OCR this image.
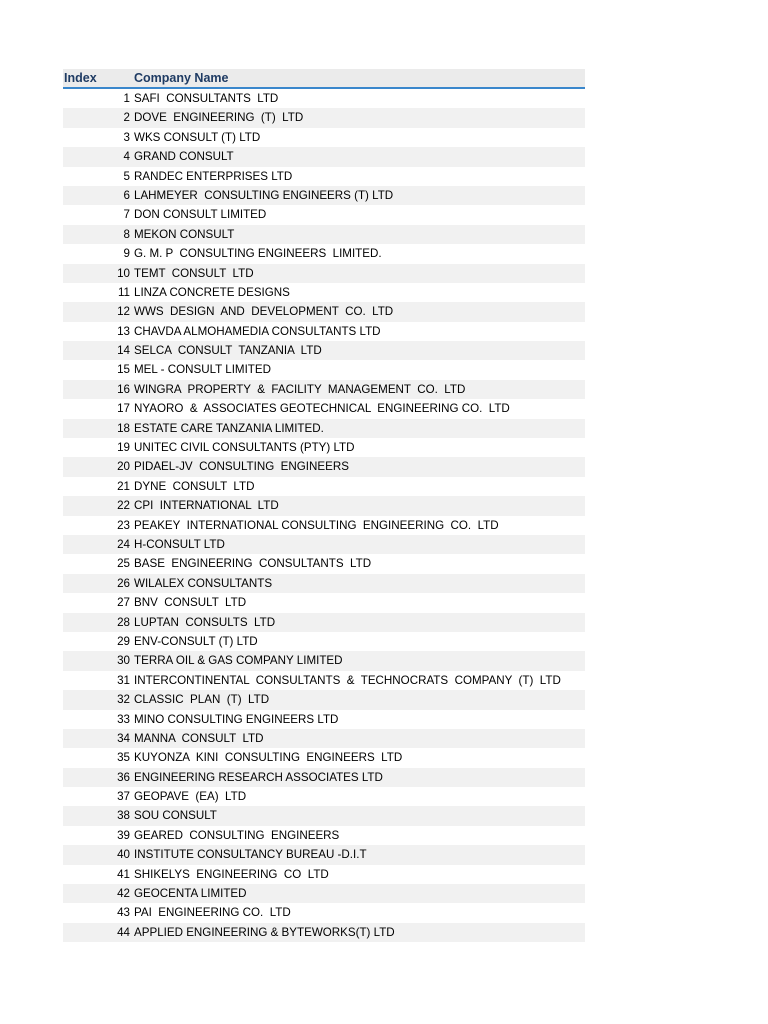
Index	Company Name
1 SAFI  CONSULTANTS  LTD
2 DOVE  ENGINEERING  (T)  LTD
3 WKS CONSULT (T) LTD
4 GRAND CONSULT
5 RANDEC ENTERPRISES LTD
6 LAHMEYER  CONSULTING ENGINEERS (T) LTD
7 DON CONSULT LIMITED
8 MEKON CONSULT
9 G. M. P  CONSULTING ENGINEERS  LIMITED.
10 TEMT  CONSULT  LTD
11 LINZA CONCRETE DESIGNS
12 WWS  DESIGN  AND  DEVELOPMENT  CO.  LTD
13 CHAVDA ALMOHAMEDIA CONSULTANTS LTD
14 SELCA  CONSULT  TANZANIA  LTD
15 MEL - CONSULT LIMITED
16 WINGRA  PROPERTY  &  FACILITY  MANAGEMENT  CO.  LTD
17 NYAORO  &  ASSOCIATES GEOTECHNICAL  ENGINEERING CO.  LTD
18 ESTATE CARE TANZANIA LIMITED.
19 UNITEC CIVIL CONSULTANTS (PTY) LTD
20 PIDAEL-JV  CONSULTING  ENGINEERS
21 DYNE  CONSULT  LTD
22 CPI  INTERNATIONAL  LTD
23 PEAKEY  INTERNATIONAL CONSULTING  ENGINEERING  CO.  LTD
24 H-CONSULT LTD
25 BASE  ENGINEERING  CONSULTANTS  LTD
26 WILALEX CONSULTANTS
27 BNV  CONSULT  LTD
28 LUPTAN  CONSULTS  LTD
29 ENV-CONSULT (T) LTD
30 TERRA OIL & GAS COMPANY LIMITED
31 INTERCONTINENTAL  CONSULTANTS  &  TECHNOCRATS  COMPANY  (T)  LTD
32 CLASSIC  PLAN  (T)  LTD
33 MINO CONSULTING ENGINEERS LTD
34 MANNA  CONSULT  LTD
35 KUYONZA  KINI  CONSULTING  ENGINEERS  LTD
36 ENGINEERING RESEARCH ASSOCIATES LTD
37 GEOPAVE  (EA)  LTD
38 SOU CONSULT
39 GEARED  CONSULTING  ENGINEERS
40 INSTITUTE CONSULTANCY BUREAU -D.I.T
41 SHIKELYS  ENGINEERING  CO  LTD
42 GEOCENTA LIMITED
43 PAI  ENGINEERING CO.  LTD
44 APPLIED ENGINEERING & BYTEWORKS(T) LTD
